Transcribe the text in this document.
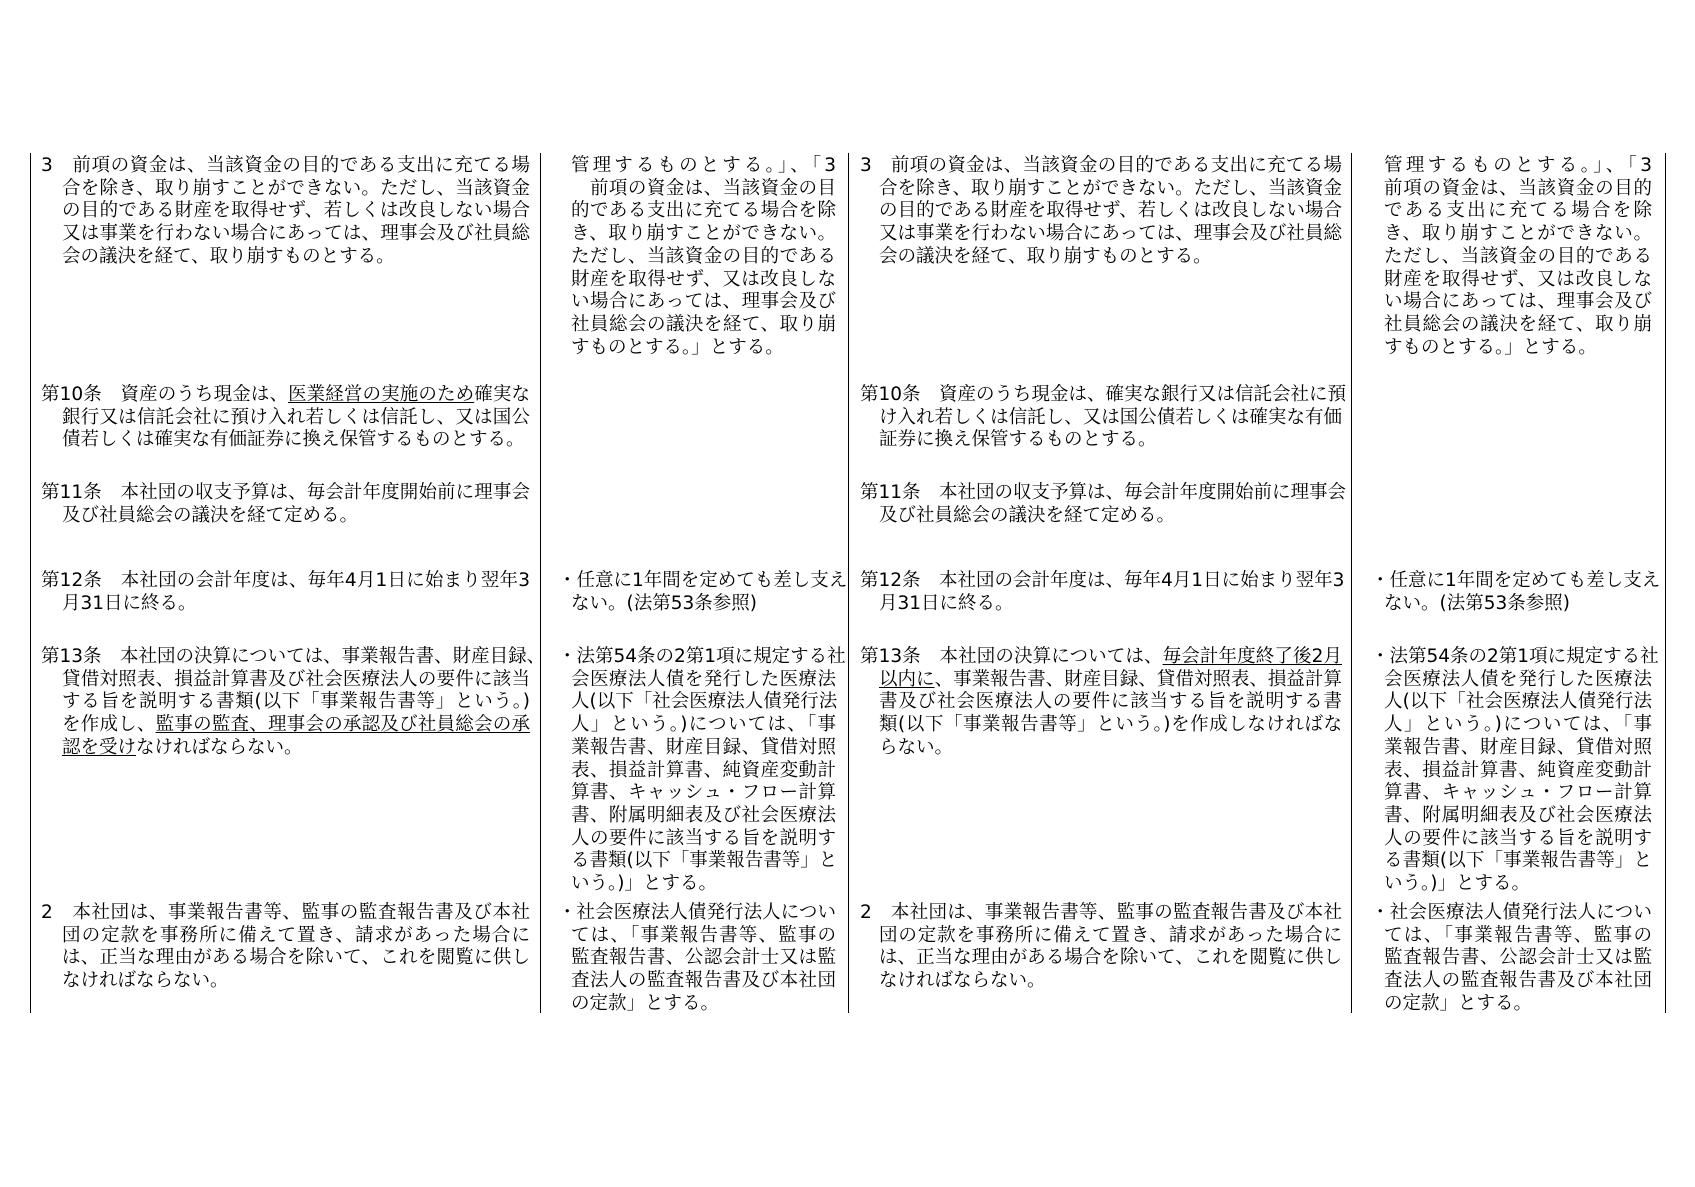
3　前項の資金は、当該資金の目的である支出に充てる場
合を除き、取り崩すことができない。ただし、当該資金
の目的である財産を取得せず、若しくは改良しない場合
又は事業を行わない場合にあっては、理事会及び社員総
会の議決を経て、取り崩すものとする。
第10条　資産のうち現金は、医業経営の実施のため確実な
銀行又は信託会社に預け入れ若しくは信託し、又は国公
債若しくは確実な有価証券に換え保管するものとする。
第11条　本社団の収支予算は、毎会計年度開始前に理事会
及び社員総会の議決を経て定める。
第12条　本社団の会計年度は、毎年4月1日に始まり翌年3
月31日に終る。
第13条　本社団の決算については、事業報告書、財産目録、
貸借対照表、損益計算書及び社会医療法人の要件に該当
する旨を説明する書類(以下「事業報告書等」という。)
を作成し、監事の監査、理事会の承認及び社員総会の承
認を受けなければならない。
2　本社団は、事業報告書等、監事の監査報告書及び本社
団の定款を事務所に備えて置き、請求があった場合に
は、正当な理由がある場合を除いて、これを閲覧に供し
なければならない。
管理するものとする。」、「3
　前項の資金は、当該資金の目
的である支出に充てる場合を除
き、取り崩すことができない。
ただし、当該資金の目的である
財産を取得せず、又は改良しな
い場合にあっては、理事会及び
社員総会の議決を経て、取り崩
すものとする。」とする。
・任意に1年間を定めても差し支え
ない。(法第53条参照)
・法第54条の2第1項に規定する社
会医療法人債を発行した医療法
人(以下「社会医療法人債発行法
人」という。)については、「事
業報告書、財産目録、貸借対照
表、損益計算書、純資産変動計
算書、キャッシュ・フロー計算
書、附属明細表及び社会医療法
人の要件に該当する旨を説明す
る書類(以下「事業報告書等」と
いう。)」とする。
・社会医療法人債発行法人につい
ては、「事業報告書等、監事の
監査報告書、公認会計士又は監
査法人の監査報告書及び本社団
の定款」とする。
3　前項の資金は、当該資金の目的である支出に充てる場
合を除き、取り崩すことができない。ただし、当該資金
の目的である財産を取得せず、若しくは改良しない場合
又は事業を行わない場合にあっては、理事会及び社員総
会の議決を経て、取り崩すものとする。
第10条　資産のうち現金は、確実な銀行又は信託会社に預
け入れ若しくは信託し、又は国公債若しくは確実な有価
証券に換え保管するものとする。
第11条　本社団の収支予算は、毎会計年度開始前に理事会
及び社員総会の議決を経て定める。
第12条　本社団の会計年度は、毎年4月1日に始まり翌年3
月31日に終る。
第13条　本社団の決算については、毎会計年度終了後2月
以内に、事業報告書、財産目録、貸借対照表、損益計算
書及び社会医療法人の要件に該当する旨を説明する書
類(以下「事業報告書等」という。)を作成しなければな
らない。
2　本社団は、事業報告書等、監事の監査報告書及び本社
団の定款を事務所に備えて置き、請求があった場合に
は、正当な理由がある場合を除いて、これを閲覧に供し
なければならない。
管理するものとする。」、「3
前項の資金は、当該資金の目的
である支出に充てる場合を除
き、取り崩すことができない。
ただし、当該資金の目的である
財産を取得せず、又は改良しな
い場合にあっては、理事会及び
社員総会の議決を経て、取り崩
すものとする。」とする。
・任意に1年間を定めても差し支え
ない。(法第53条参照)
・法第54条の2第1項に規定する社
会医療法人債を発行した医療法
人(以下「社会医療法人債発行法
人」という。)については、「事
業報告書、財産目録、貸借対照
表、損益計算書、純資産変動計
算書、キャッシュ・フロー計算
書、附属明細表及び社会医療法
人の要件に該当する旨を説明す
る書類(以下「事業報告書等」と
いう。)」とする。
・社会医療法人債発行法人につい
ては、「事業報告書等、監事の
監査報告書、公認会計士又は監
査法人の監査報告書及び本社団
の定款」とする。
